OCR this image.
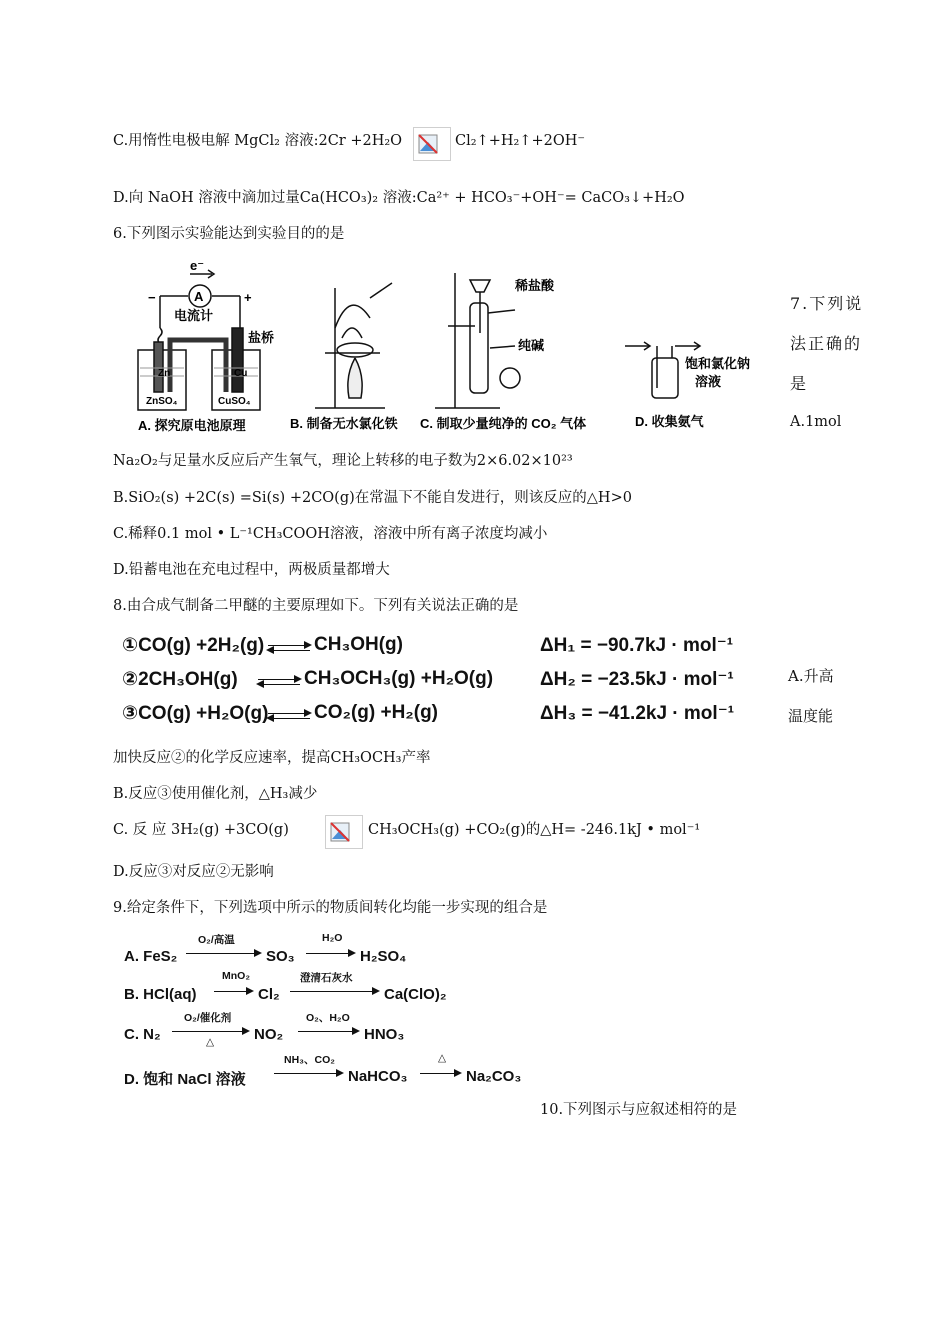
C.用惰性电极电解 MgCl₂ 溶液:2Cr +2H₂O	Cl₂↑+H₂↑+2OH⁻
D.向 NaOH 溶液中滴加过量Ca(HCO₃)₂ 溶液:Ca²⁺ + HCO₃⁻+OH⁻= CaCO₃↓+H₂O
6.下列图示实验能达到实验目的的是
e⁻
A
−	+
电流计
盐桥
Zn	Cu
ZnSO₄	CuSO₄
稀盐酸
纯碱
饱和氯化钠
溶液
A. 探究原电池原理	B. 制备无水氯化铁 C. 制取少量纯净的 CO₂ 气体	D. 收集氨气
7.下列说
法正确的
是
A.1mol
Na₂O₂与足量水反应后产生氧气，理论上转移的电子数为2×6.02×10²³
B.SiO₂(s) +2C(s) =Si(s) +2CO(g)在常温下不能自发进行，则该反应的△H>0
C.稀释0.1 mol • L⁻¹CH₃COOH溶液，溶液中所有离子浓度均减小
D.铅蓄电池在充电过程中，两极质量都增大
8.由合成气制备二甲醚的主要原理如下。下列有关说法正确的是
①CO(g) +2H₂(g) → CH₃OH(g)	ΔH₁ = −90.7kJ · mol⁻¹
②2CH₃OH(g) → CH₃OCH₃(g) +H₂O(g) ΔH₂ = −23.5kJ · mol⁻¹
③CO(g) +H₂O(g) → CO₂(g) +H₂(g)	ΔH₃ = −41.2kJ · mol⁻¹
A.升高
温度能
加快反应②的化学反应速率，提高CH₃OCH₃产率
B.反应③使用催化剂，△H₃减少
C. 反 应 3H₂(g) +3CO(g)	CH₃OCH₃(g) +CO₂(g)的△H= -246.1kJ • mol⁻¹
D.反应③对反应②无影响
9.给定条件下，下列选项中所示的物质间转化均能一步实现的组合是
A. FeS₂
O₂/高温
SO₃
H₂O
→ H₂SO₄
B. HCl(aq)
MnO₂
→ Cl₂
澄清石灰水
Ca(ClO)₂
C. N₂
O₂/催化剂
△	NO₂
O₂、H₂O
→ HNO₃
D. 饱和 NaCl 溶液
NH₃、CO₂
NaHCO₃
△
→ Na₂CO₃
10.下列图示与应叙述相符的是
